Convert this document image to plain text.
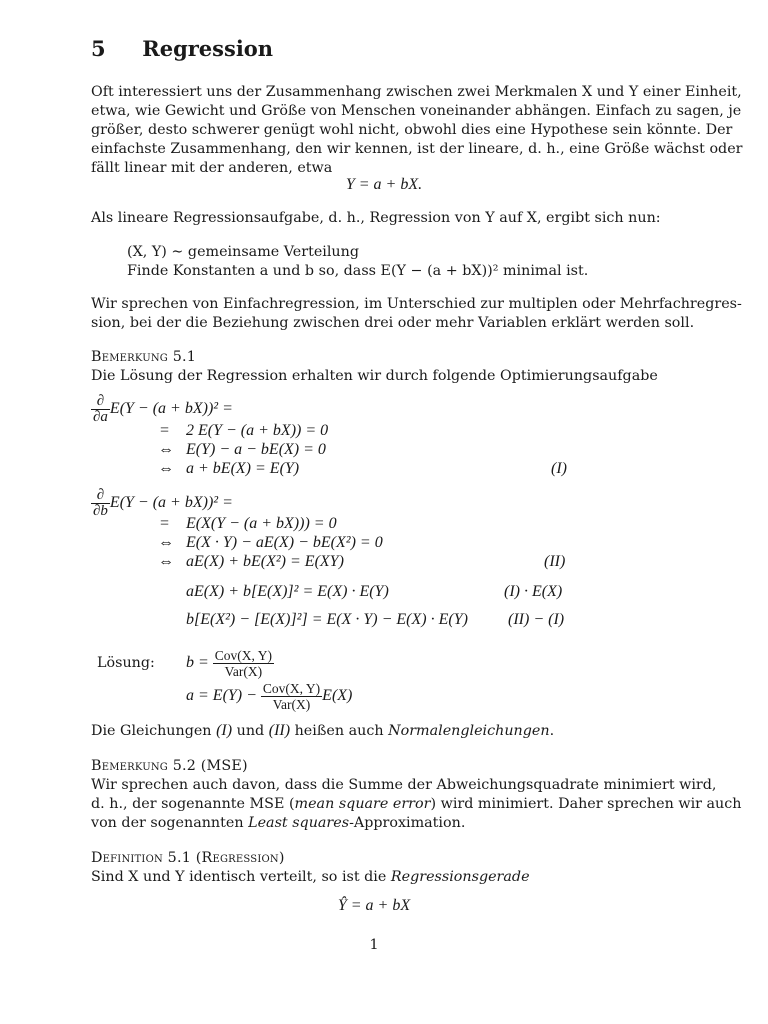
5 Regression
Oft interessiert uns der Zusammenhang zwischen zwei Merkmalen X und Y einer Einheit,
etwa, wie Gewicht und Größe von Menschen voneinander abhängen. Einfach zu sagen, je
größer, desto schwerer genügt wohl nicht, obwohl dies eine Hypothese sein könnte. Der
einfachste Zusammenhang, den wir kennen, ist der lineare, d. h., eine Größe wächst oder
fällt linear mit der anderen, etwa
Y = a + bX.
Als lineare Regressionsaufgabe, d. h., Regression von Y auf X, ergibt sich nun:
(X, Y) ∼ gemeinsame Verteilung
Finde Konstanten a und b so, dass E(Y − (a + bX))² minimal ist.
Wir sprechen von Einfachregression, im Unterschied zur multiplen oder Mehrfachregres-
sion, bei der die Beziehung zwischen drei oder mehr Variablen erklärt werden soll.
Bemerkung 5.1
Die Lösung der Regression erhalten wir durch folgende Optimierungsaufgabe
$\frac{\partial}{\partial a} E(Y - (a + bX))^2$ =
= 2 E(Y − (a + bX)) = 0
⇔ E(Y) − a − bE(X) = 0
⇔ a + bE(X) = E(Y)	(I)
$\frac{\partial}{\partial b} E(Y - (a + bX))^2$ =
= E(X(Y − (a + bX))) = 0
⇔ E(X · Y) − aE(X) − bE(X²) = 0
⇔ aE(X) + bE(X²) = E(XY)	(II)
aE(X) + b[E(X)]² = E(X) · E(Y)	(I) · E(X)
b[E(X²) − [E(X)]²] = E(X · Y) − E(X) · E(Y)	(II) − (I)
Lösung: $b = \frac{\text{Cov(X, Y)}}{\text{Var(X)}}$
$a = E(Y) - \frac{\text{Cov(X, Y)}}{\text{Var(X)}} E(X)$
Die Gleichungen (I) und (II) heißen auch Normalengleichungen.
Bemerkung 5.2 (MSE)
Wir sprechen auch davon, dass die Summe der Abweichungsquadrate minimiert wird,
d. h., der sogenannte MSE (mean square error) wird minimiert. Daher sprechen wir auch
von der sogenannten Least squares-Approximation.
Definition 5.1 (Regression)
Sind X und Y identisch verteilt, so ist die Regressionsgerade
Ŷ = a + bX
1
